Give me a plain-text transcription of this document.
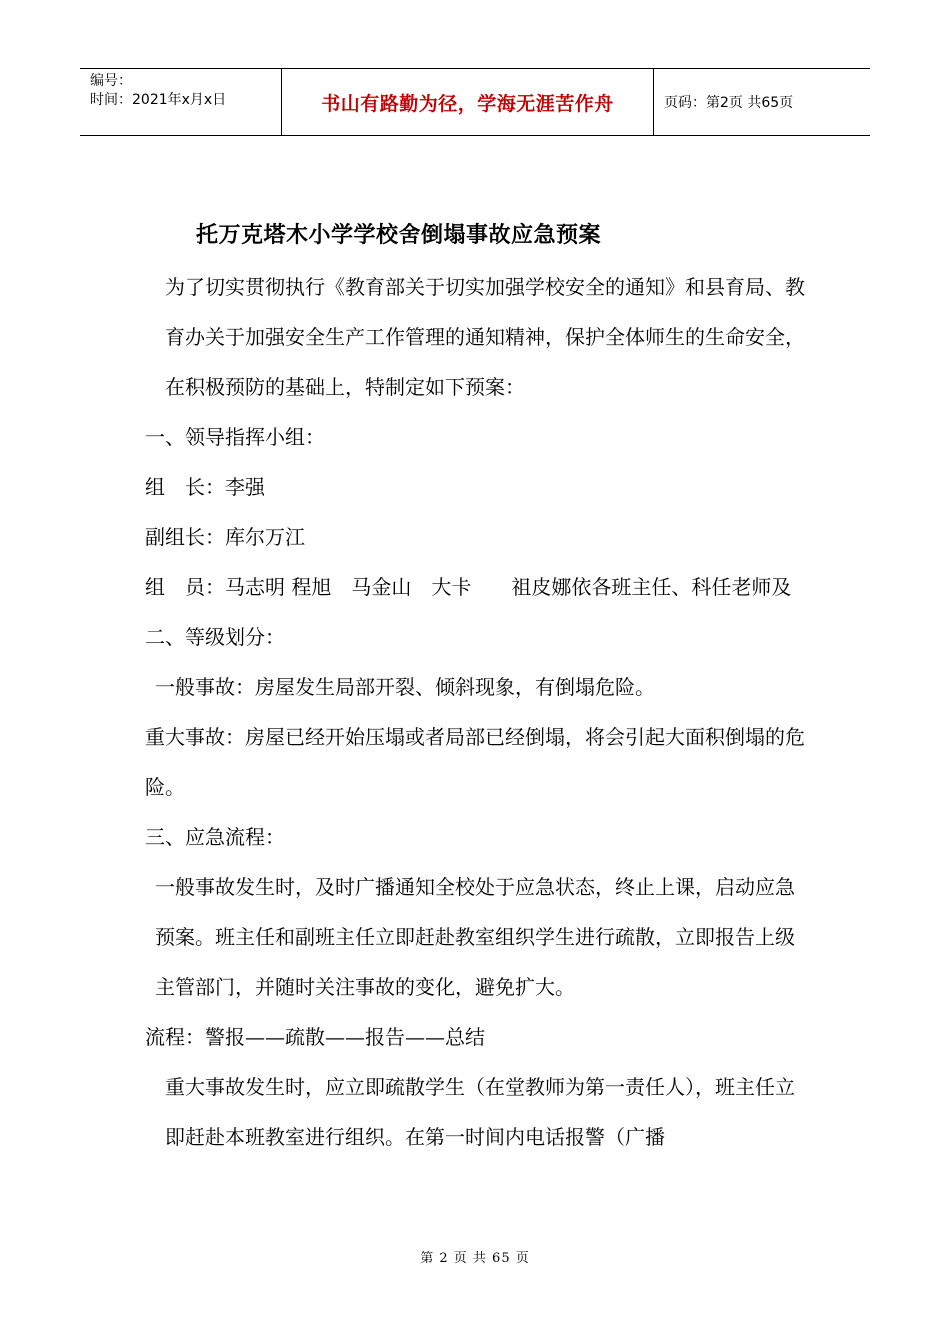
编号：
时间：2021年x月x日	书山有路勤为径，学海无涯苦作舟	页码：第2页 共65页
托万克塔木小学学校舍倒塌事故应急预案

为了切实贯彻执行《教育部关于切实加强学校安全的通知》和县育局、教育办关于加强安全生产工作管理的通知精神，保护全体师生的生命安全，在积极预防的基础上，特制定如下预案：

一、领导指挥小组：

组　长：李强

副组长：库尔万江

组　员：马志明 程旭　马金山　大卡　　祖皮娜依各班主任、科任老师及

二、等级划分：

一般事故：房屋发生局部开裂、倾斜现象，有倒塌危险。

重大事故：房屋已经开始压塌或者局部已经倒塌，将会引起大面积倒塌的危险。

三、应急流程：

一般事故发生时，及时广播通知全校处于应急状态，终止上课，启动应急预案。班主任和副班主任立即赶赴教室组织学生进行疏散，立即报告上级主管部门，并随时关注事故的变化，避免扩大。

流程：警报——疏散——报告——总结

重大事故发生时，应立即疏散学生（在堂教师为第一责任人），班主任立即赶赴本班教室进行组织。在第一时间内电话报警（广播

第 2 页 共 65 页
